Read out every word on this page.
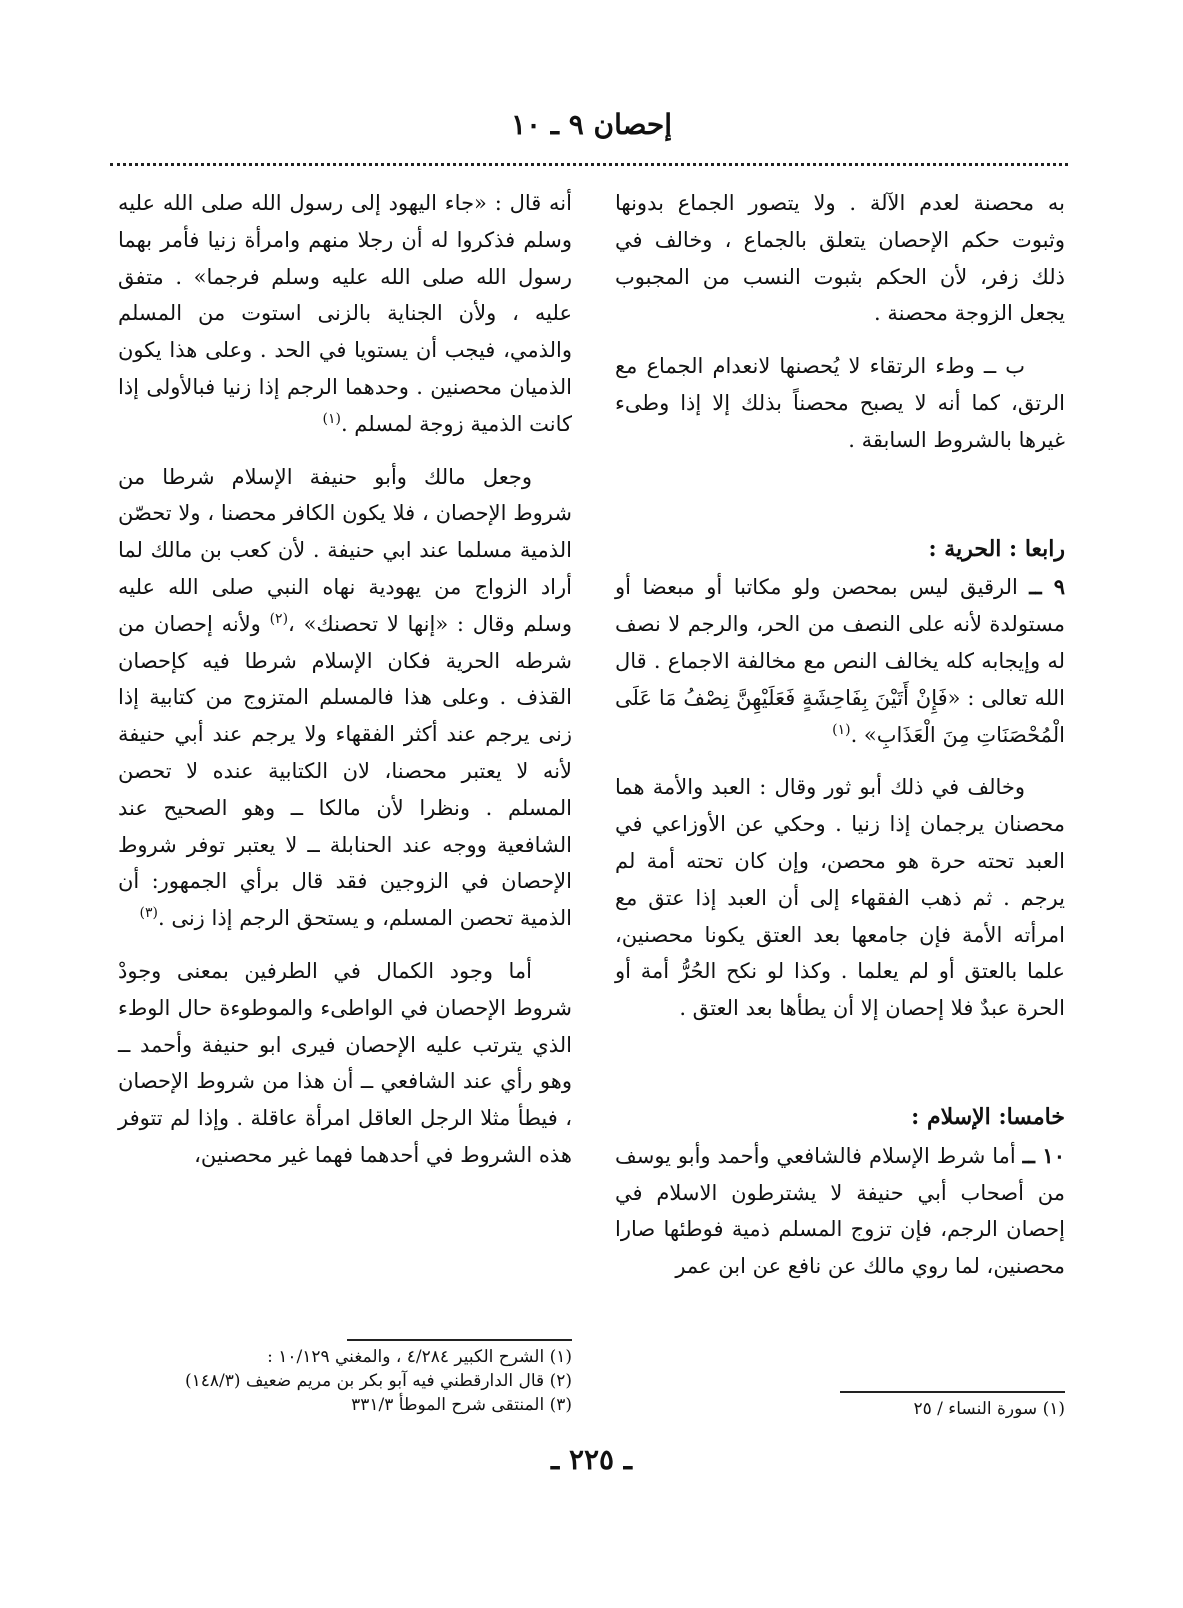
إحصان ٩ ـ ١٠

به محصنة لعدم الآلة . ولا يتصور الجماع بدونها وثبوت حكم الإحصان يتعلق بالجماع ، وخالف في ذلك زفر، لأن الحكم بثبوت النسب من المجبوب يجعل الزوجة محصنة .

ب ــ وطء الرتقاء لا يُحصنها لانعدام الجماع مع الرتق، كما أنه لا يصبح محصناً بذلك إلا إذا وطىء غيرها بالشروط السابقة .

رابعا : الحرية :

٩ ــ الرقيق ليس بمحصن ولو مكاتبا أو مبعضا أو مستولدة لأنه على النصف من الحر، والرجم لا نصف له وإيجابه كله يخالف النص مع مخالفة الاجماع . قال الله تعالى : «فَإِنْ أَتَيْنَ بِفَاحِشَةٍ فَعَلَيْهِنَّ نِصْفُ مَا عَلَى الْمُحْصَنَاتِ مِنَ الْعَذَابِ» .$^{(١)}$

وخالف في ذلك أبو ثور وقال : العبد والأمة هما محصنان يرجمان إذا زنيا . وحكي عن الأوزاعي في العبد تحته حرة هو محصن، وإن كان تحته أمة لم يرجم . ثم ذهب الفقهاء إلى أن العبد إذا عتق مع امرأته الأمة فإن جامعها بعد العتق يكونا محصنين، علما بالعتق أو لم يعلما . وكذا لو نكح الحُرُّ أمة أو الحرة عبدٌ فلا إحصان إلا أن يطأها بعد العتق .

خامسا: الإسلام :

١٠ ــ أما شرط الإسلام فالشافعي وأحمد وأبو يوسف من أصحاب أبي حنيفة لا يشترطون الاسلام في إحصان الرجم، فإن تزوج المسلم ذمية فوطئها صارا محصنين، لما روي مالك عن نافع عن ابن عمر

(١) سورة النساء / ٢٥

أنه قال : «جاء اليهود إلى رسول الله صلى الله عليه وسلم فذكروا له أن رجلا منهم وامرأة زنيا فأمر بهما رسول الله صلى الله عليه وسلم فرجما» . متفق عليه ، ولأن الجناية بالزنى استوت من المسلم والذمي، فيجب أن يستويا في الحد . وعلى هذا يكون الذميان محصنين . وحدهما الرجم إذا زنيا فبالأولى إذا كانت الذمية زوجة لمسلم .$^{(١)}$

وجعل مالك وأبو حنيفة الإسلام شرطا من شروط الإحصان ، فلا يكون الكافر محصنا ، ولا تحصّن الذمية مسلما عند ابي حنيفة . لأن كعب بن مالك لما أراد الزواج من يهودية نهاه النبي صلى الله عليه وسلم وقال : «إنها لا تحصنك» ،$^{(٢)}$ ولأنه إحصان من شرطه الحرية فكان الإسلام شرطا فيه كإحصان القذف . وعلى هذا فالمسلم المتزوج من كتابية إذا زنى يرجم عند أكثر الفقهاء ولا يرجم عند أبي حنيفة لأنه لا يعتبر محصنا، لان الكتابية عنده لا تحصن المسلم . ونظرا لأن مالكا ــ وهو الصحيح عند الشافعية ووجه عند الحنابلة ــ لا يعتبر توفر شروط الإحصان في الزوجين فقد قال برأي الجمهور: أن الذمية تحصن المسلم، و يستحق الرجم إذا زنى .$^{(٣)}$

أما وجود الكمال في الطرفين بمعنى وجودْ شروط الإحصان في الواطىء والموطوءة حال الوطء الذي يترتب عليه الإحصان فيرى ابو حنيفة وأحمد ــ وهو رأي عند الشافعي ــ أن هذا من شروط الإحصان ، فيطأ مثلا الرجل العاقل امرأة عاقلة . وإذا لم تتوفر هذه الشروط في أحدهما فهما غير محصنين،

(١) الشرح الكبير ٤/٢٨٤ ، والمغني ١٠/١٢٩ :
(٢) قال الدارقطني فيه آبو بكر بن مريم ضعيف (١٤٨/٣)
(٣) المنتقى شرح الموطأ ٣٣١/٣
ـ ٢٢٥ ـ
